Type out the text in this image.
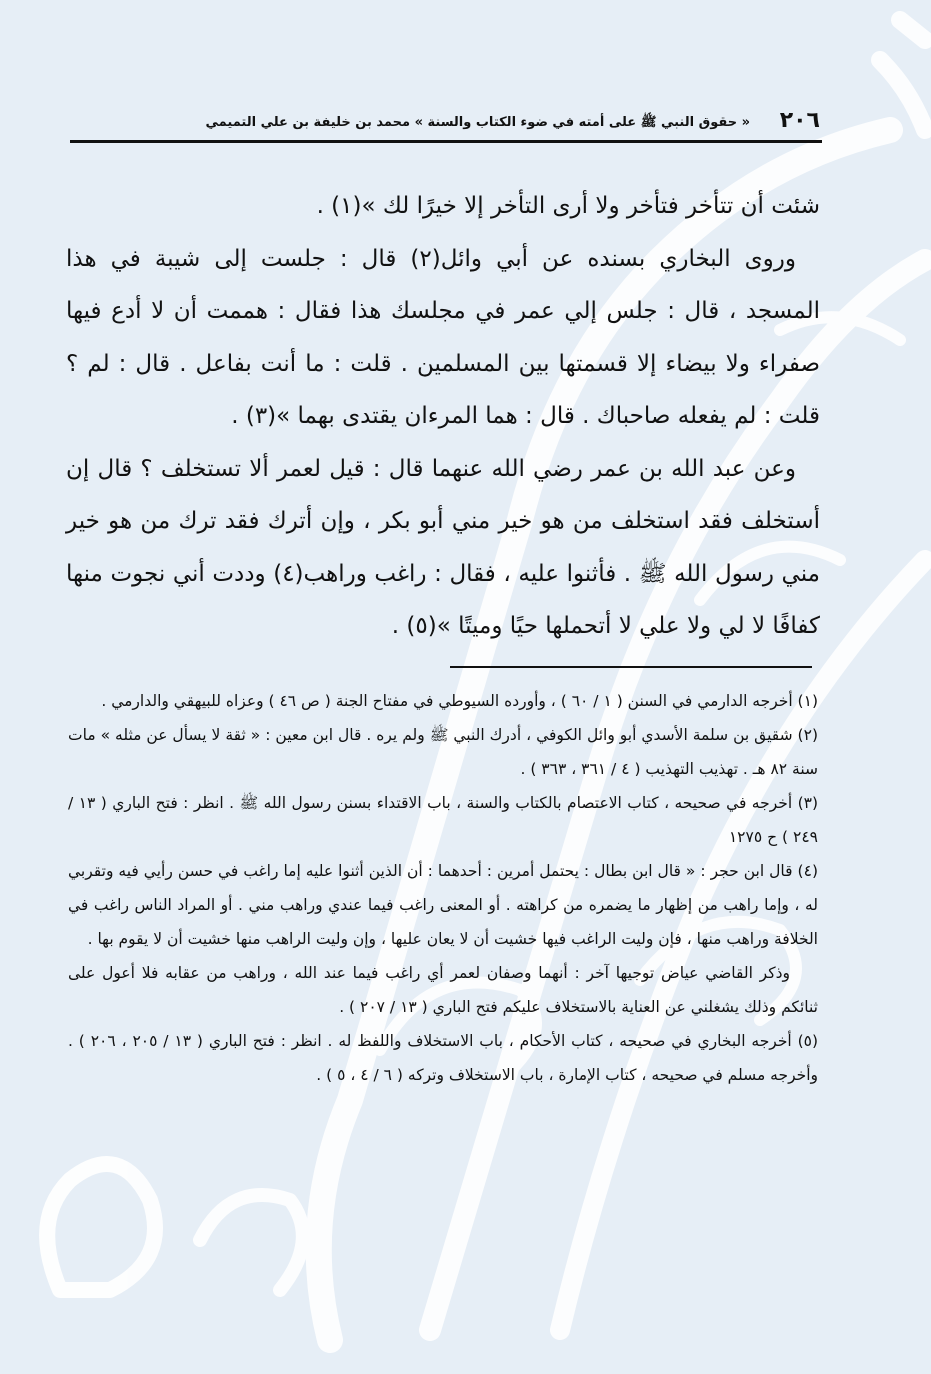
٢٠٦
« حقوق النبي ﷺ على أمته في ضوء الكتاب والسنة » محمد بن خليفة بن علي التميمي

شئت أن تتأخر فتأخر ولا أرى التأخر إلا خيرًا لك »(١) .

وروى البخاري بسنده عن أبي وائل(٢) قال : جلست إلى شيبة في هذا المسجد ، قال : جلس إلي عمر في مجلسك هذا فقال : هممت أن لا أدع فيها صفراء ولا بيضاء إلا قسمتها بين المسلمين . قلت : ما أنت بفاعل . قال : لم ؟ قلت : لم يفعله صاحباك . قال : هما المرءان يقتدى بهما »(٣) .

وعن عبد الله بن عمر رضي الله عنهما قال : قيل لعمر ألا تستخلف ؟ قال إن أستخلف فقد استخلف من هو خير مني أبو بكر ، وإن أترك فقد ترك من هو خير مني رسول الله ﷺ . فأثنوا عليه ، فقال : راغب وراهب(٤) وددت أني نجوت منها كفافًا لا لي ولا علي لا أتحملها حيًا وميتًا »(٥) .

(١) أخرجه الدارمي في السنن ( ١ / ٦٠ ) ، وأورده السيوطي في مفتاح الجنة ( ص ٤٦ ) وعزاه للبيهقي والدارمي .

(٢) شقيق بن سلمة الأسدي أبو وائل الكوفي ، أدرك النبي ﷺ ولم يره . قال ابن معين : « ثقة لا يسأل عن مثله » مات سنة ٨٢ هـ . تهذيب التهذيب ( ٤ / ٣٦١ ، ٣٦٣ ) .

(٣) أخرجه في صحيحه ، كتاب الاعتصام بالكتاب والسنة ، باب الاقتداء بسنن رسول الله ﷺ . انظر : فتح الباري ( ١٣ / ٢٤٩ ) ح ١٢٧٥

(٤) قال ابن حجر : « قال ابن بطال : يحتمل أمرين : أحدهما : أن الذين أثنوا عليه إما راغب في حسن رأيي فيه وتقربي له ، وإما راهب من إظهار ما يضمره من كراهته . أو المعنى راغب فيما عندي وراهب مني . أو المراد الناس راغب في الخلافة وراهب منها ، فإن وليت الراغب فيها خشيت أن لا يعان عليها ، وإن وليت الراهب منها خشيت أن لا يقوم بها .

وذكر القاضي عياض توجيها آخر : أنهما وصفان لعمر أي راغب فيما عند الله ، وراهب من عقابه فلا أعول على ثنائكم وذلك يشغلني عن العناية بالاستخلاف عليكم فتح الباري ( ١٣ / ٢٠٧ ) .

(٥) أخرجه البخاري في صحيحه ، كتاب الأحكام ، باب الاستخلاف واللفظ له . انظر : فتح الباري ( ١٣ / ٢٠٥ ، ٢٠٦ ) . وأخرجه مسلم في صحيحه ، كتاب الإمارة ، باب الاستخلاف وتركه ( ٦ / ٤ ، ٥ ) .
